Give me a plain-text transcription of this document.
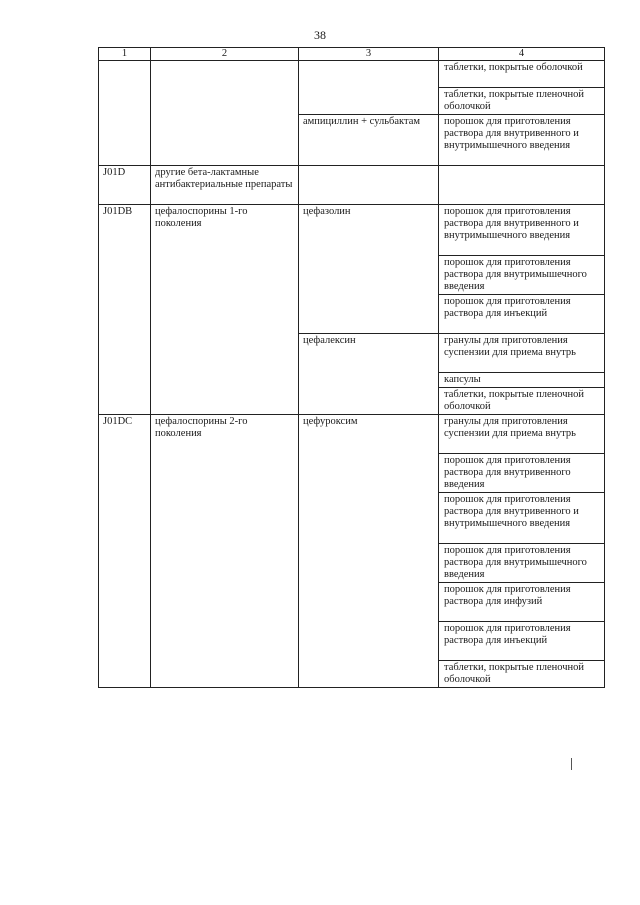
38
1	2	3	4
			таблетки, покрытые оболочкой
			таблетки, покрытые пленочной оболочкой
		ампициллин + сульбактам	порошок для приготовления раствора для внутривенного и внутримышечного введения
J01D	другие бета-лактамные антибактериальные препараты		
J01DB	цефалоспорины 1-го поколения	цефазолин	порошок для приготовления раствора для внутривенного и внутримышечного введения
			порошок для приготовления раствора для внутримышечного введения
			порошок для приготовления раствора для инъекций
		цефалексин	гранулы для приготовления суспензии для приема внутрь
			капсулы
			таблетки, покрытые пленочной оболочкой
J01DC	цефалоспорины 2-го поколения	цефуроксим	гранулы для приготовления суспензии для приема внутрь
			порошок для приготовления раствора для внутривенного введения
			порошок для приготовления раствора для внутривенного и внутримышечного введения
			порошок для приготовления раствора для внутримышечного введения
			порошок для приготовления раствора для инфузий
			порошок для приготовления раствора для инъекций
			таблетки, покрытые пленочной оболочкой
